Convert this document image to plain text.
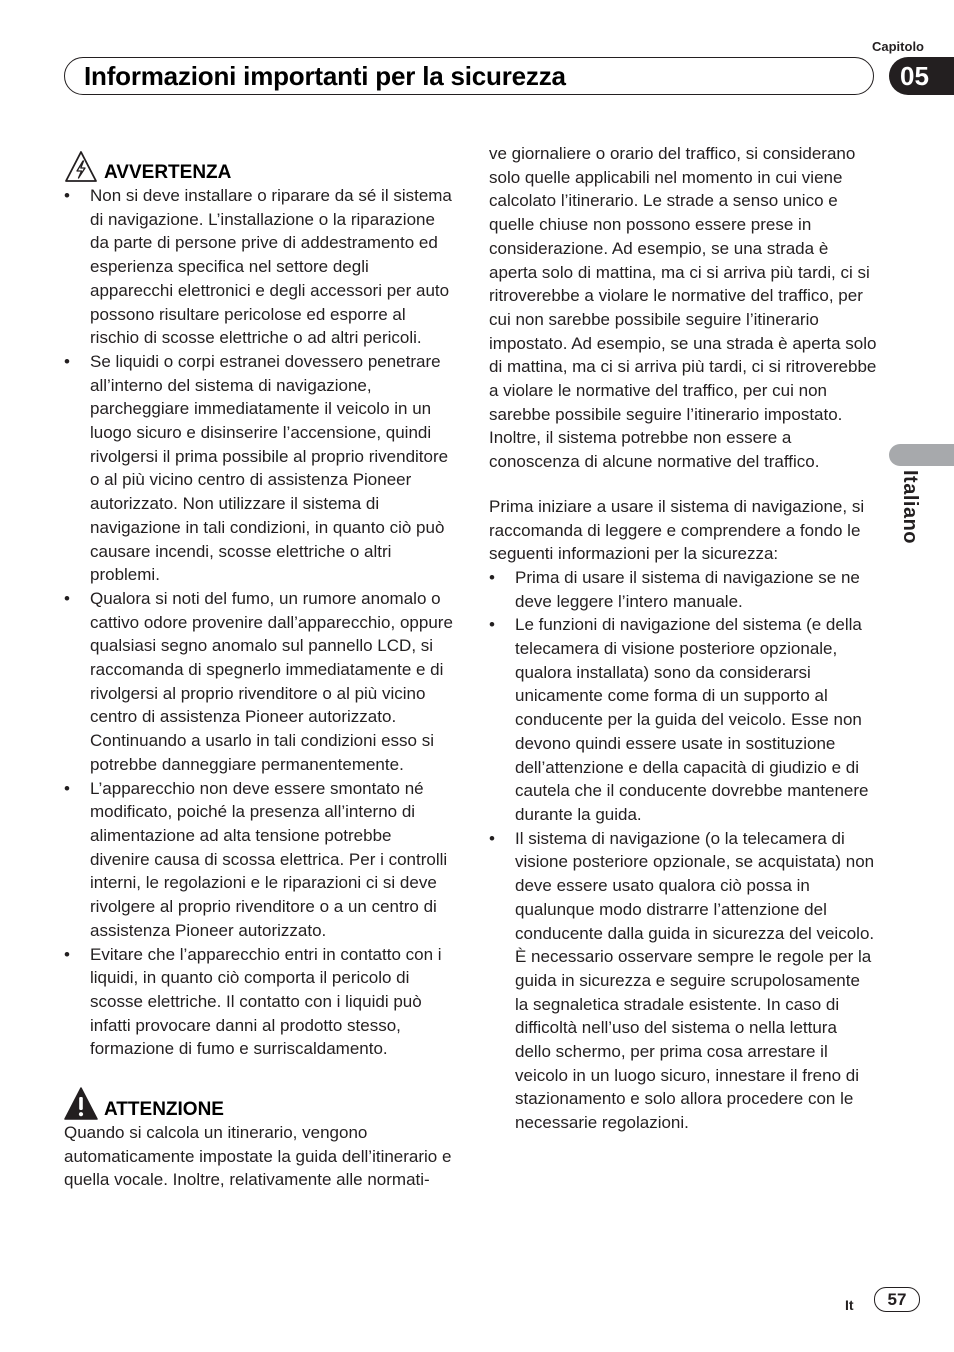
Capitolo
Informazioni importanti per la sicurezza	05
Italiano
AVVERTENZA
• Non si deve installare o riparare da sé il sistema di navigazione. L’installazione o la riparazione da parte di persone prive di addestramento ed esperienza specifica nel settore degli apparecchi elettronici e degli accessori per auto possono risultare pericolose ed esporre al rischio di scosse elettriche o ad altri pericoli.
• Se liquidi o corpi estranei dovessero penetrare all’interno del sistema di navigazione, parcheggiare immediatamente il veicolo in un luogo sicuro e disinserire l’accensione, quindi rivolgersi il prima possibile al proprio rivenditore o al più vicino centro di assistenza Pioneer autorizzato. Non utilizzare il sistema di navigazione in tali condizioni, in quanto ciò può causare incendi, scosse elettriche o altri problemi.
• Qualora si noti del fumo, un rumore anomalo o cattivo odore provenire dall’apparecchio, oppure qualsiasi segno anomalo sul pannello LCD, si raccomanda di spegnerlo immediatamente e di rivolgersi al proprio rivenditore o al più vicino centro di assistenza Pioneer autorizzato. Continuando a usarlo in tali condizioni esso si potrebbe danneggiare permanentemente.
• L’apparecchio non deve essere smontato né modificato, poiché la presenza all’interno di alimentazione ad alta tensione potrebbe divenire causa di scossa elettrica. Per i controlli interni, le regolazioni e le riparazioni ci si deve rivolgere al proprio rivenditore o a un centro di assistenza Pioneer autorizzato.
• Evitare che l’apparecchio entri in contatto con i liquidi, in quanto ciò comporta il pericolo di scosse elettriche. Il contatto con i liquidi può infatti provocare danni al prodotto stesso, formazione di fumo e surriscaldamento.
ATTENZIONE

Quando si calcola un itinerario, vengono automaticamente impostate la guida dell’itinerario e quella vocale. Inoltre, relativamente alle normati-

ve giornaliere o orario del traffico, si considerano solo quelle applicabili nel momento in cui viene calcolato l’itinerario. Le strade a senso unico e quelle chiuse non possono essere prese in considerazione. Ad esempio, se una strada è aperta solo di mattina, ma ci si arriva più tardi, ci si ritroverebbe a violare le normative del traffico, per cui non sarebbe possibile seguire l’itinerario impostato. Ad esempio, se una strada è aperta solo di mattina, ma ci si arriva più tardi, ci si ritroverebbe a violare le normative del traffico, per cui non sarebbe possibile seguire l’itinerario impostato. Inoltre, il sistema potrebbe non essere a conoscenza di alcune normative del traffico.

Prima iniziare a usare il sistema di navigazione, si raccomanda di leggere e comprendere a fondo le seguenti informazioni per la sicurezza:

• Prima di usare il sistema di navigazione se ne deve leggere l’intero manuale.
• Le funzioni di navigazione del sistema (e della telecamera di visione posteriore opzionale, qualora installata) sono da considerarsi unicamente come forma di un supporto al conducente per la guida del veicolo. Esse non devono quindi essere usate in sostituzione dell’attenzione e della capacità di giudizio e di cautela che il conducente dovrebbe mantenere durante la guida.
• Il sistema di navigazione (o la telecamera di visione posteriore opzionale, se acquistata) non deve essere usato qualora ciò possa in qualunque modo distrarre l’attenzione del conducente dalla guida in sicurezza del veicolo. È necessario osservare sempre le regole per la guida in sicurezza e seguire scrupolosamente la segnaletica stradale esistente. In caso di difficoltà nell’uso del sistema o nella lettura dello schermo, per prima cosa arrestare il veicolo in un luogo sicuro, innestare il freno di stazionamento e solo allora procedere con le necessarie regolazioni.
It	57
